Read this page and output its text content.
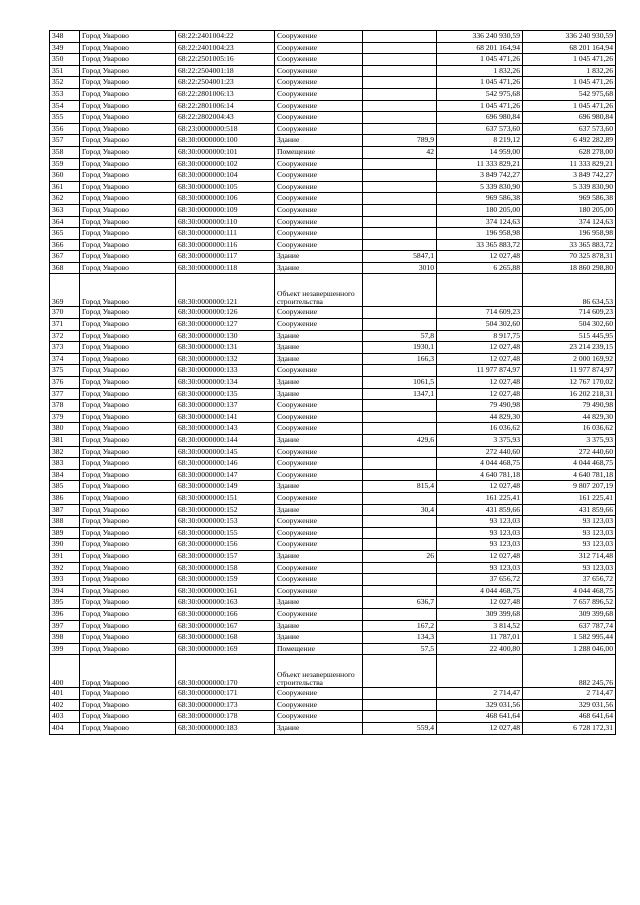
348	Город Уварово	68:22:2401004:22	Сооружение		336 240 930,59	336 240 930,59
349	Город Уварово	68:22:2401004:23	Сооружение		68 201 164,94	68 201 164,94
350	Город Уварово	68:22:2501005:16	Сооружение		1 045 471,26	1 045 471,26
351	Город Уварово	68:22:2504001:18	Сооружение		1 832,26	1 832,26
352	Город Уварово	68:22:2504001:23	Сооружение		1 045 471,26	1 045 471,26
353	Город Уварово	68:22:2801006:13	Сооружение		542 975,68	542 975,68
354	Город Уварово	68:22:2801006:14	Сооружение		1 045 471,26	1 045 471,26
355	Город Уварово	68:22:2802004:43	Сооружение		696 980,84	696 980,84
356	Город Уварово	68:23:0000000:518	Сооружение		637 573,60	637 573,60
357	Город Уварово	68:30:0000000:100	Здание	789,9	8 219,12	6 492 282,89
358	Город Уварово	68:30:0000000:101	Помещение	42	14 959,00	628 278,00
359	Город Уварово	68:30:0000000:102	Сооружение		11 333 829,21	11 333 829,21
360	Город Уварово	68:30:0000000:104	Сооружение		3 849 742,27	3 849 742,27
361	Город Уварово	68:30:0000000:105	Сооружение		5 339 830,90	5 339 830,90
362	Город Уварово	68:30:0000000:106	Сооружение		969 586,38	969 586,38
363	Город Уварово	68:30:0000000:109	Сооружение		180 205,00	180 205,00
364	Город Уварово	68:30:0000000:110	Сооружение		374 124,63	374 124,63
365	Город Уварово	68:30:0000000:111	Сооружение		196 958,98	196 958,98
366	Город Уварово	68:30:0000000:116	Сооружение		33 365 883,72	33 365 883,72
367	Город Уварово	68:30:0000000:117	Здание	5847,1	12 027,48	70 325 878,31
368	Город Уварово	68:30:0000000:118	Здание	3010	6 265,88	18 860 298,80
369	Город Уварово	68:30:0000000:121	Объект незавершенного строительства			86 634,53
370	Город Уварово	68:30:0000000:126	Сооружение		714 609,23	714 609,23
371	Город Уварово	68:30:0000000:127	Сооружение		504 302,60	504 302,60
372	Город Уварово	68:30:0000000:130	Здание	57,8	8 917,75	515 445,95
373	Город Уварово	68:30:0000000:131	Здание	1930,1	12 027,48	23 214 239,15
374	Город Уварово	68:30:0000000:132	Здание	166,3	12 027,48	2 000 169,92
375	Город Уварово	68:30:0000000:133	Сооружение		11 977 874,97	11 977 874,97
376	Город Уварово	68:30:0000000:134	Здание	1061,5	12 027,48	12 767 170,02
377	Город Уварово	68:30:0000000:135	Здание	1347,1	12 027,48	16 202 218,31
378	Город Уварово	68:30:0000000:137	Сооружение		79 490,98	79 490,98
379	Город Уварово	68:30:0000000:141	Сооружение		44 829,30	44 829,30
380	Город Уварово	68:30:0000000:143	Сооружение		16 036,62	16 036,62
381	Город Уварово	68:30:0000000:144	Здание	429,6	3 375,93	3 375,93
382	Город Уварово	68:30:0000000:145	Сооружение		272 440,60	272 440,60
383	Город Уварово	68:30:0000000:146	Сооружение		4 044 468,75	4 044 468,75
384	Город Уварово	68:30:0000000:147	Сооружение		4 640 781,18	4 640 781,18
385	Город Уварово	68:30:0000000:149	Здание	815,4	12 027,48	9 807 207,19
386	Город Уварово	68:30:0000000:151	Сооружение		161 225,41	161 225,41
387	Город Уварово	68:30:0000000:152	Здание	30,4	431 859,66	431 859,66
388	Город Уварово	68:30:0000000:153	Сооружение		93 123,03	93 123,03
389	Город Уварово	68:30:0000000:155	Сооружение		93 123,03	93 123,03
390	Город Уварово	68:30:0000000:156	Сооружение		93 123,03	93 123,03
391	Город Уварово	68:30:0000000:157	Здание	26	12 027,48	312 714,48
392	Город Уварово	68:30:0000000:158	Сооружение		93 123,03	93 123,03
393	Город Уварово	68:30:0000000:159	Сооружение		37 656,72	37 656,72
394	Город Уварово	68:30:0000000:161	Сооружение		4 044 468,75	4 044 468,75
395	Город Уварово	68:30:0000000:163	Здание	636,7	12 027,48	7 657 896,52
396	Город Уварово	68:30:0000000:166	Сооружение		309 399,68	309 399,68
397	Город Уварово	68:30:0000000:167	Здание	167,2	3 814,52	637 787,74
398	Город Уварово	68:30:0000000:168	Здание	134,3	11 787,01	1 582 995,44
399	Город Уварово	68:30:0000000:169	Помещение	57,5	22 400,80	1 288 046,00
400	Город Уварово	68:30:0000000:170	Объект незавершенного строительства			882 245,76
401	Город Уварово	68:30:0000000:171	Сооружение		2 714,47	2 714,47
402	Город Уварово	68:30:0000000:173	Сооружение		329 031,56	329 031,56
403	Город Уварово	68:30:0000000:178	Сооружение		468 641,64	468 641,64
404	Город Уварово	68:30:0000000:183	Здание	559,4	12 027,48	6 728 172,31
